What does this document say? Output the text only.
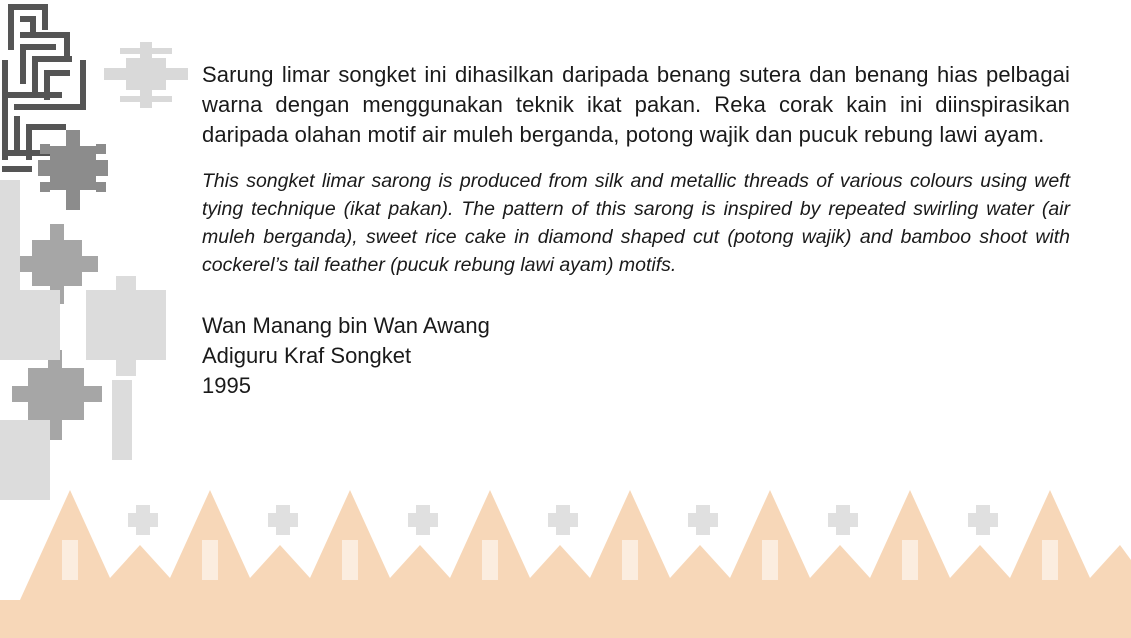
Sarung limar songket ini dihasilkan daripada benang sutera dan benang hias pelbagai warna dengan menggunakan teknik ikat pakan. Reka corak kain ini diinspirasikan daripada olahan motif air muleh berganda, potong wajik dan pucuk rebung lawi ayam.

This songket limar sarong is produced from silk and metallic threads of various colours using weft tying technique (ikat pakan). The pattern of this sarong is inspired by repeated swirling water (air muleh berganda), sweet rice cake in diamond shaped cut (potong wajik) and bamboo shoot with cockerel’s tail feather (pucuk rebung lawi ayam) motifs.

Wan Manang bin Wan Awang
Adiguru Kraf Songket
1995
